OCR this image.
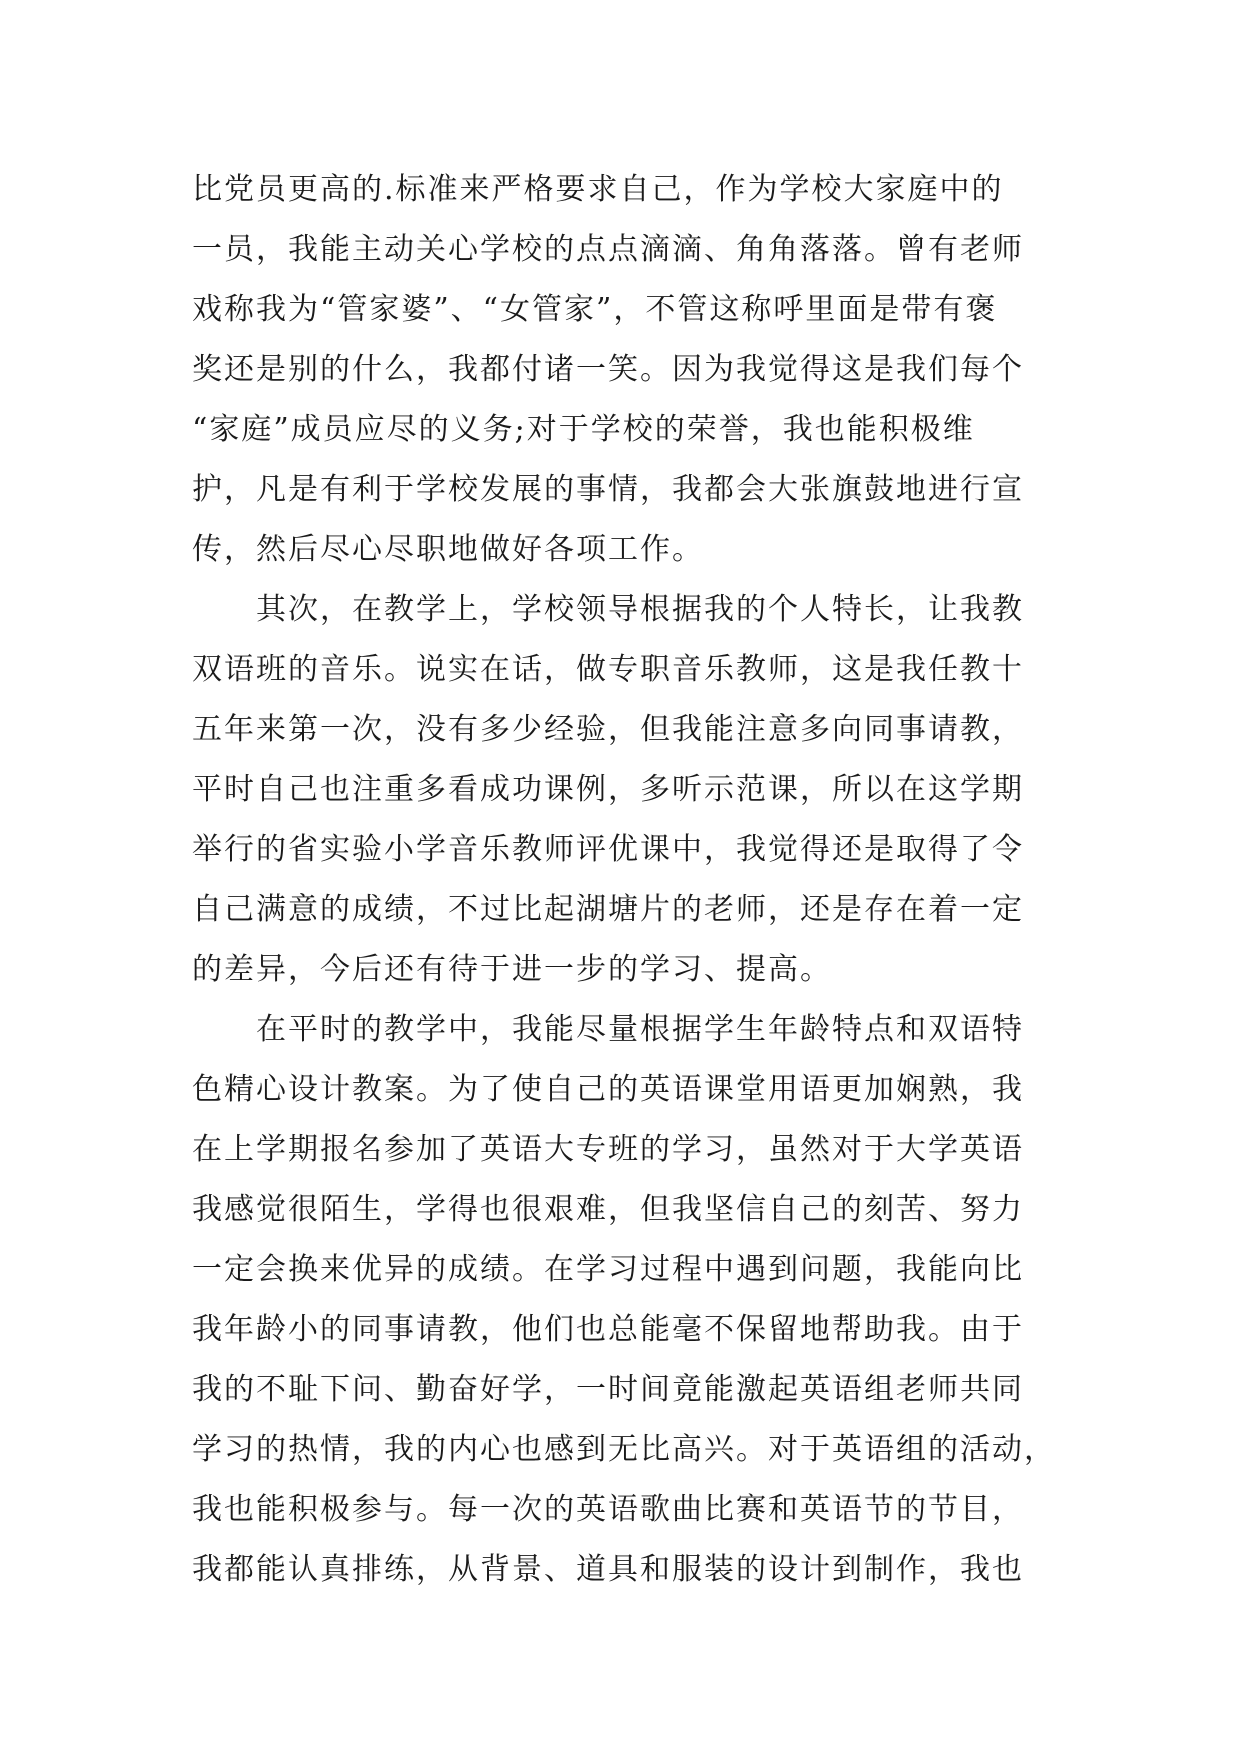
比党员更高的.标准来严格要求自己，作为学校大家庭中的
一员，我能主动关心学校的点点滴滴、角角落落。曾有老师
戏称我为“管家婆”、“女管家”，不管这称呼里面是带有褒
奖还是别的什么，我都付诸一笑。因为我觉得这是我们每个
“家庭”成员应尽的义务;对于学校的荣誉，我也能积极维
护，凡是有利于学校发展的事情，我都会大张旗鼓地进行宣
传，然后尽心尽职地做好各项工作。
　　其次，在教学上，学校领导根据我的个人特长，让我教
双语班的音乐。说实在话，做专职音乐教师，这是我任教十
五年来第一次，没有多少经验，但我能注意多向同事请教，
平时自己也注重多看成功课例，多听示范课，所以在这学期
举行的省实验小学音乐教师评优课中，我觉得还是取得了令
自己满意的成绩，不过比起湖塘片的老师，还是存在着一定
的差异，今后还有待于进一步的学习、提高。
　　在平时的教学中，我能尽量根据学生年龄特点和双语特
色精心设计教案。为了使自己的英语课堂用语更加娴熟，我
在上学期报名参加了英语大专班的学习，虽然对于大学英语
我感觉很陌生，学得也很艰难，但我坚信自己的刻苦、努力
一定会换来优异的成绩。在学习过程中遇到问题，我能向比
我年龄小的同事请教，他们也总能毫不保留地帮助我。由于
我的不耻下问、勤奋好学，一时间竟能激起英语组老师共同
学习的热情，我的内心也感到无比高兴。对于英语组的活动，
我也能积极参与。每一次的英语歌曲比赛和英语节的节目，
我都能认真排练，从背景、道具和服装的设计到制作，我也
